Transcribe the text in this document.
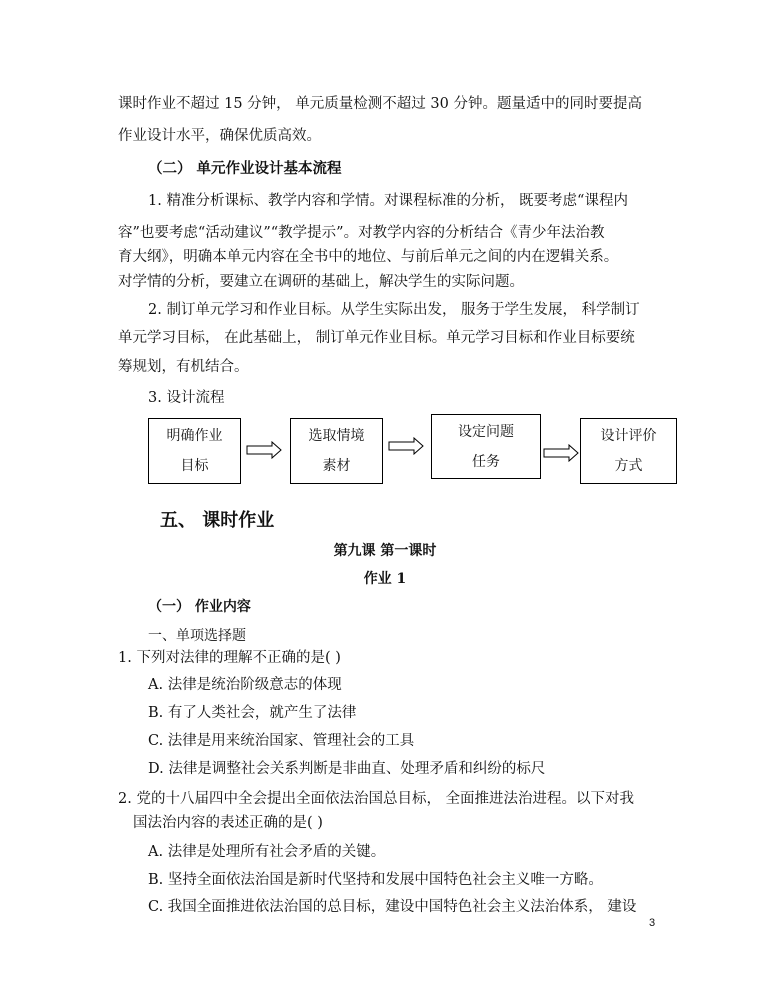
课时作业不超过 15 分钟， 单元质量检测不超过 30 分钟。题量适中的同时要提高
作业设计水平，确保优质高效。
（二） 单元作业设计基本流程
1. 精准分析课标、教学内容和学情。对课程标准的分析， 既要考虑“课程内
容”也要考虑“活动建议”“教学提示”。对教学内容的分析结合《青少年法治教
育大纲》，明确本单元内容在全书中的地位、与前后单元之间的内在逻辑关系。
对学情的分析，要建立在调研的基础上，解决学生的实际问题。
2. 制订单元学习和作业目标。从学生实际出发， 服务于学生发展， 科学制订
单元学习目标， 在此基础上， 制订单元作业目标。单元学习目标和作业目标要统
筹规划，有机结合。
3. 设计流程
明确作业
目标
选取情境
素材
设定问题
任务
设计评价
方式
五、 课时作业
第九课 第一课时
作业 1
（一） 作业内容
一、单项选择题
1. 下列对法律的理解不正确的是( )
A. 法律是统治阶级意志的体现
B. 有了人类社会，就产生了法律
C. 法律是用来统治国家、管理社会的工具
D. 法律是调整社会关系判断是非曲直、处理矛盾和纠纷的标尺
2. 党的十八届四中全会提出全面依法治国总目标， 全面推进法治进程。以下对我
国法治内容的表述正确的是( )
A. 法律是处理所有社会矛盾的关键。
B. 坚持全面依法治国是新时代坚持和发展中国特色社会主义唯一方略。
C. 我国全面推进依法治国的总目标，建设中国特色社会主义法治体系， 建设
3
